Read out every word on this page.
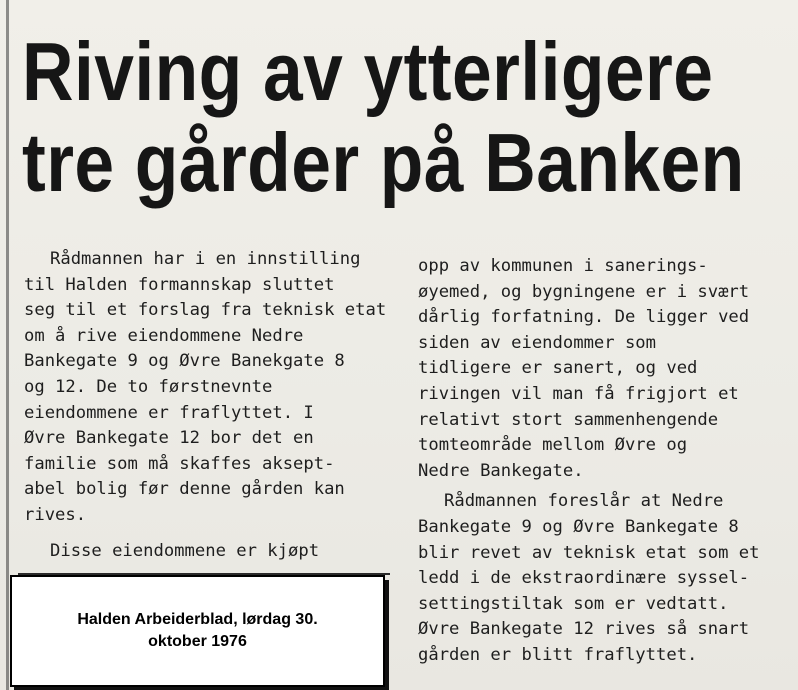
Riving av ytterligere
tre gårder på Banken
Rådmannen har i en innstilling
til Halden formannskap sluttet
seg til et forslag fra teknisk etat
om å rive eiendommene Nedre
Bankegate 9 og Øvre Banekgate 8
og 12. De to førstnevnte
eiendommene er fraflyttet. I
Øvre Bankegate 12 bor det en
familie som må skaffes aksept-
abel bolig før denne gården kan
rives.
Disse eiendommene er kjøpt
opp av kommunen i sanerings-
øyemed, og bygningene er i svært
dårlig forfatning. De ligger ved
siden av eiendommer som
tidligere er sanert, og ved
rivingen vil man få frigjort et
relativt stort sammenhengende
tomteområde mellom Øvre og
Nedre Bankegate.
Rådmannen foreslår at Nedre
Bankegate 9 og Øvre Bankegate 8
blir revet av teknisk etat som et
ledd i de ekstraordinære syssel-
settingstiltak som er vedtatt.
Øvre Bankegate 12 rives så snart
gården er blitt fraflyttet.
Halden Arbeiderblad, lørdag 30.
oktober 1976
